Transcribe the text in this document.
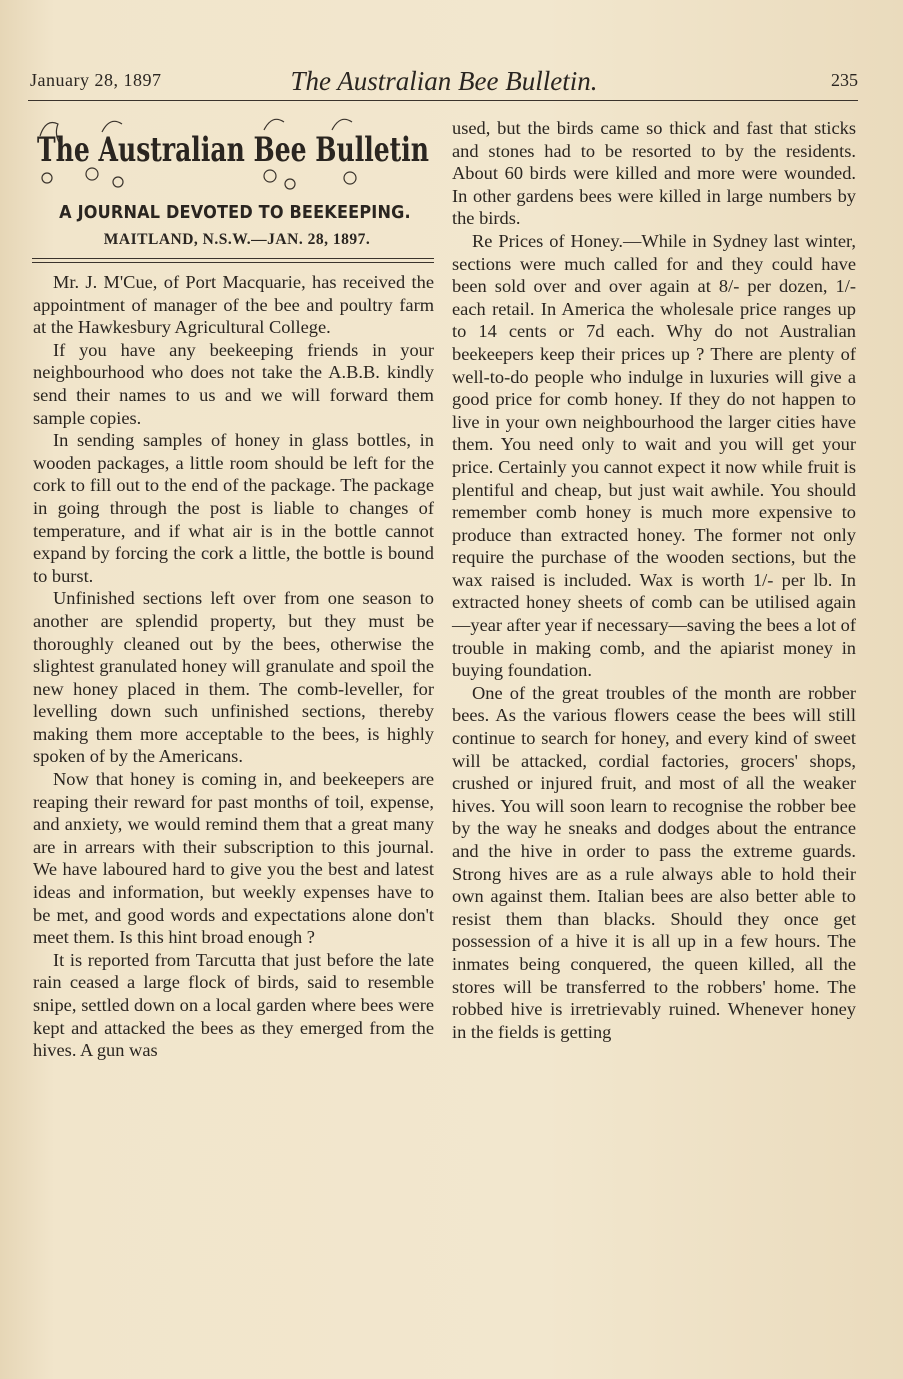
January 28, 1897	The Australian Bee Bulletin.	235
The Australian Bee Bulletin
A JOURNAL DEVOTED TO BEEKEEPING.
MAITLAND, N.S.W.—JAN. 28, 1897.

Mr. J. M'Cue, of Port Macquarie, has received the appointment of manager of the bee and poultry farm at the Hawkesbury Agricultural College.

If you have any beekeeping friends in your neighbourhood who does not take the A.B.B. kindly send their names to us and we will forward them sample copies.

In sending samples of honey in glass bottles, in wooden packages, a little room should be left for the cork to fill out to the end of the package. The package in going through the post is liable to changes of temperature, and if what air is in the bottle cannot expand by forcing the cork a little, the bottle is bound to burst.

Unfinished sections left over from one season to another are splendid property, but they must be thoroughly cleaned out by the bees, otherwise the slightest granulated honey will granulate and spoil the new honey placed in them. The comb-leveller, for levelling down such unfinished sections, thereby making them more acceptable to the bees, is highly spoken of by the Americans.

Now that honey is coming in, and beekeepers are reaping their reward for past months of toil, expense, and anxiety, we would remind them that a great many are in arrears with their subscription to this journal. We have laboured hard to give you the best and latest ideas and information, but weekly expenses have to be met, and good words and expectations alone don't meet them. Is this hint broad enough ?

It is reported from Tarcutta that just before the late rain ceased a large flock of birds, said to resemble snipe, settled down on a local garden where bees were kept and attacked the bees as they emerged from the hives. A gun was

used, but the birds came so thick and fast that sticks and stones had to be resorted to by the residents. About 60 birds were killed and more were wounded. In other gardens bees were killed in large numbers by the birds.

Re Prices of Honey.—While in Sydney last winter, sections were much called for and they could have been sold over and over again at 8/- per dozen, 1/- each retail. In America the wholesale price ranges up to 14 cents or 7d each. Why do not Australian beekeepers keep their prices up ? There are plenty of well-to-do people who indulge in luxuries will give a good price for comb honey. If they do not happen to live in your own neighbourhood the larger cities have them. You need only to wait and you will get your price. Certainly you cannot expect it now while fruit is plentiful and cheap, but just wait awhile. You should remember comb honey is much more expensive to produce than extracted honey. The former not only require the purchase of the wooden sections, but the wax raised is included. Wax is worth 1/- per lb. In extracted honey sheets of comb can be utilised again—year after year if necessary—saving the bees a lot of trouble in making comb, and the apiarist money in buying foundation.

One of the great troubles of the month are robber bees. As the various flowers cease the bees will still continue to search for honey, and every kind of sweet will be attacked, cordial factories, grocers' shops, crushed or injured fruit, and most of all the weaker hives. You will soon learn to recognise the robber bee by the way he sneaks and dodges about the entrance and the hive in order to pass the extreme guards. Strong hives are as a rule always able to hold their own against them. Italian bees are also better able to resist them than blacks. Should they once get possession of a hive it is all up in a few hours. The inmates being conquered, the queen killed, all the stores will be transferred to the robbers' home. The robbed hive is irretrievably ruined. Whenever honey in the fields is getting
